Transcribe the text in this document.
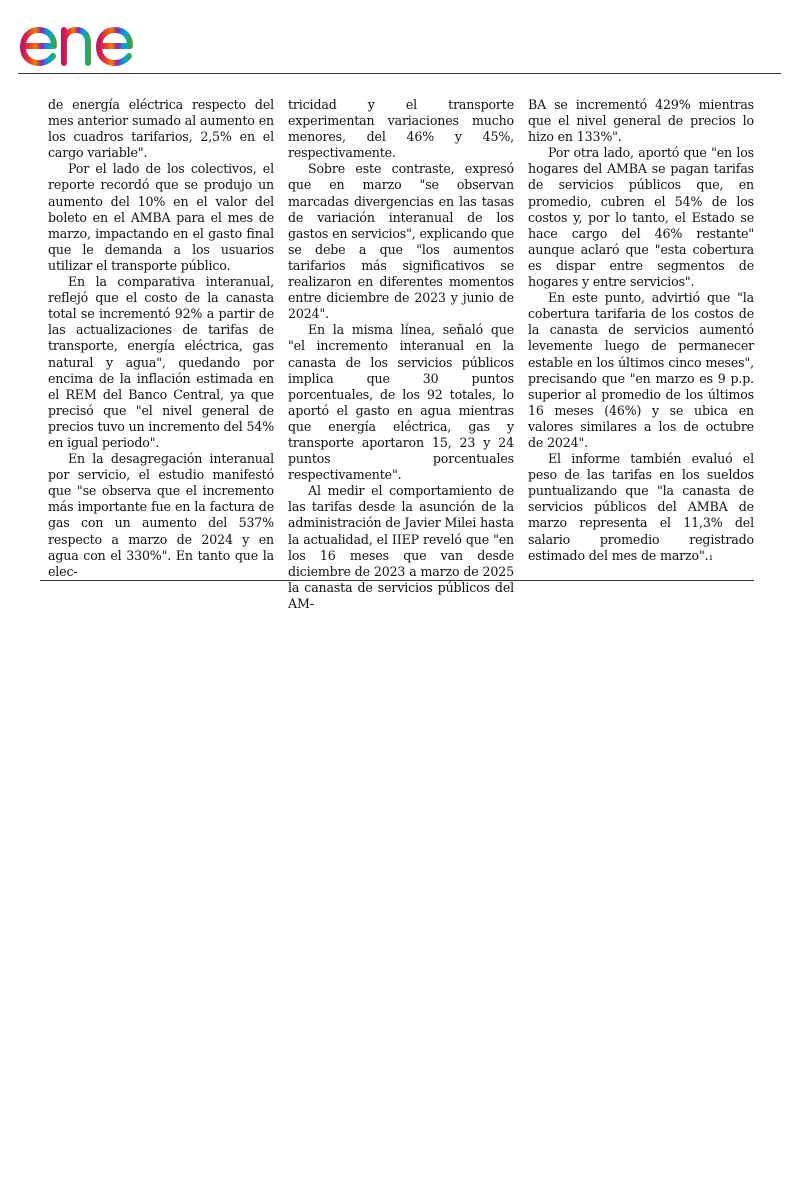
de energía eléctrica respecto del mes anterior sumado al aumento en los cuadros tarifarios, 2,5% en el cargo variable".

Por el lado de los colectivos, el reporte recordó que se produjo un aumento del 10% en el valor del boleto en el AMBA para el mes de marzo, impactando en el gasto final que le demanda a los usuarios utilizar el transporte público.

En la comparativa interanual, reflejó que el costo de la canasta total se incrementó 92% a partir de las actualizaciones de tarifas de transporte, energía eléctrica, gas natural y agua", quedando por encima de la inflación estimada en el REM del Banco Central, ya que precisó que "el nivel general de precios tuvo un incremento del 54% en igual periodo".

En la desagregación interanual por servicio, el estudio manifestó que "se observa que el incremento más importante fue en la factura de gas con un aumento del 537% respecto a marzo de 2024 y en agua con el 330%". En tanto que la elec-

tricidad y el transporte experimentan variaciones mucho menores, del 46% y 45%, respectivamente.

Sobre este contraste, expresó que en marzo "se observan marcadas divergencias en las tasas de variación interanual de los gastos en servicios", explicando que se debe a que "los aumentos tarifarios más significativos se realizaron en diferentes momentos entre diciembre de 2023 y junio de 2024".

En la misma línea, señaló que "el incremento interanual en la canasta de los servicios públicos implica que 30 puntos porcentuales, de los 92 totales, lo aportó el gasto en agua mientras que energía eléctrica, gas y transporte aportaron 15, 23 y 24 puntos porcentuales respectivamente".

Al medir el comportamiento de las tarifas desde la asunción de la administración de Javier Milei hasta la actualidad, el IIEP reveló que "en los 16 meses que van desde diciembre de 2023 a marzo de 2025 la canasta de servicios públicos del AM-

BA se incrementó 429% mientras que el nivel general de precios lo hizo en 133%".

Por otra lado, aportó que "en los hogares del AMBA se pagan tarifas de servicios públicos que, en promedio, cubren el 54% de los costos y, por lo tanto, el Estado se hace cargo del 46% restante" aunque aclaró que "esta cobertura es dispar entre segmentos de hogares y entre servicios".

En este punto, advirtió que "la cobertura tarifaria de los costos de la canasta de servicios aumentó levemente luego de permanecer estable en los últimos cinco meses", precisando que "en marzo es 9 p.p. superior al promedio de los últimos 16 meses (46%) y se ubica en valores similares a los de octubre de 2024".

El informe también evaluó el peso de las tarifas en los sueldos puntualizando que "la canasta de servicios públicos del AMBA de marzo representa el 11,3% del salario promedio registrado estimado del mes de marzo".ı
